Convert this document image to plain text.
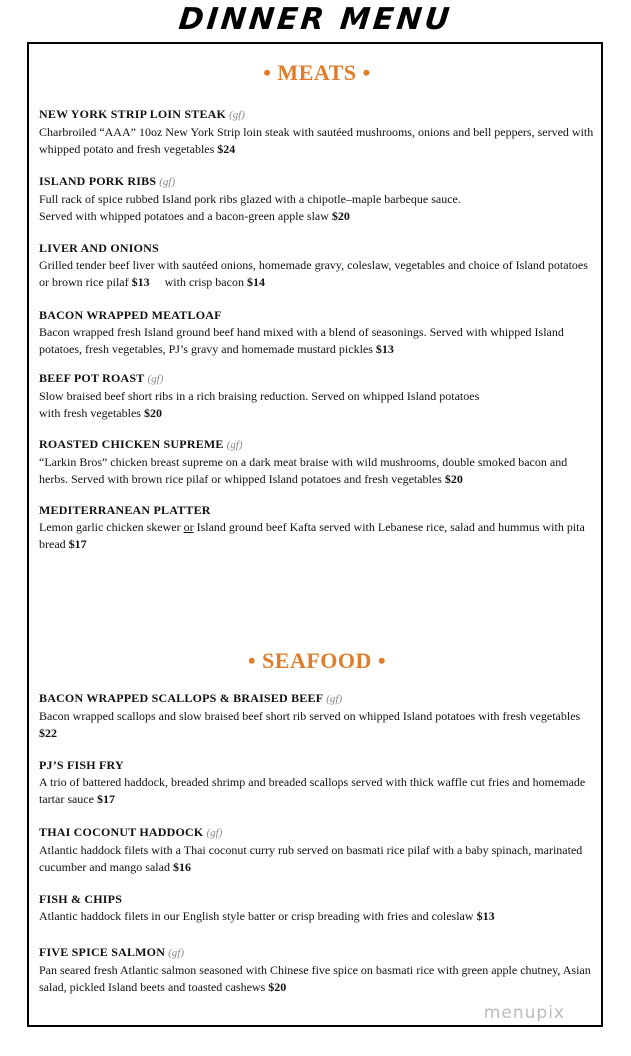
DINNER MENU
• MEATS •
NEW YORK STRIP LOIN STEAK (gf)
Charbroiled “AAA” 10oz New York Strip loin steak with sautéed mushrooms, onions and bell peppers, served with whipped potato and fresh vegetables $24
ISLAND PORK RIBS (gf)
Full rack of spice rubbed Island pork ribs glazed with a chipotle–maple barbeque sauce.
Served with whipped potatoes and a bacon-green apple slaw $20
LIVER AND ONIONS
Grilled tender beef liver with sautéed onions, homemade gravy, coleslaw, vegetables and choice of Island potatoes or brown rice pilaf $13 with crisp bacon $14
BACON WRAPPED MEATLOAF
Bacon wrapped fresh Island ground beef hand mixed with a blend of seasonings. Served with whipped Island potatoes, fresh vegetables, PJ’s gravy and homemade mustard pickles $13
BEEF POT ROAST (gf)
Slow braised beef short ribs in a rich braising reduction. Served on whipped Island potatoes
with fresh vegetables $20
ROASTED CHICKEN SUPREME (gf)
“Larkin Bros” chicken breast supreme on a dark meat braise with wild mushrooms, double smoked bacon and herbs. Served with brown rice pilaf or whipped Island potatoes and fresh vegetables $20
MEDITERRANEAN PLATTER
Lemon garlic chicken skewer or Island ground beef Kafta served with Lebanese rice, salad and hummus with pita bread $17
• SEAFOOD •
BACON WRAPPED SCALLOPS & BRAISED BEEF (gf)
Bacon wrapped scallops and slow braised beef short rib served on whipped Island potatoes with fresh vegetables $22
PJ’S FISH FRY
A trio of battered haddock, breaded shrimp and breaded scallops served with thick waffle cut fries and homemade tartar sauce $17
THAI COCONUT HADDOCK (gf)
Atlantic haddock filets with a Thai coconut curry rub served on basmati rice pilaf with a baby spinach, marinated cucumber and mango salad $16
FISH & CHIPS
Atlantic haddock filets in our English style batter or crisp breading with fries and coleslaw $13
FIVE SPICE SALMON (gf)
Pan seared fresh Atlantic salmon seasoned with Chinese five spice on basmati rice with green apple chutney, Asian salad, pickled Island beets and toasted cashews $20
menupix
